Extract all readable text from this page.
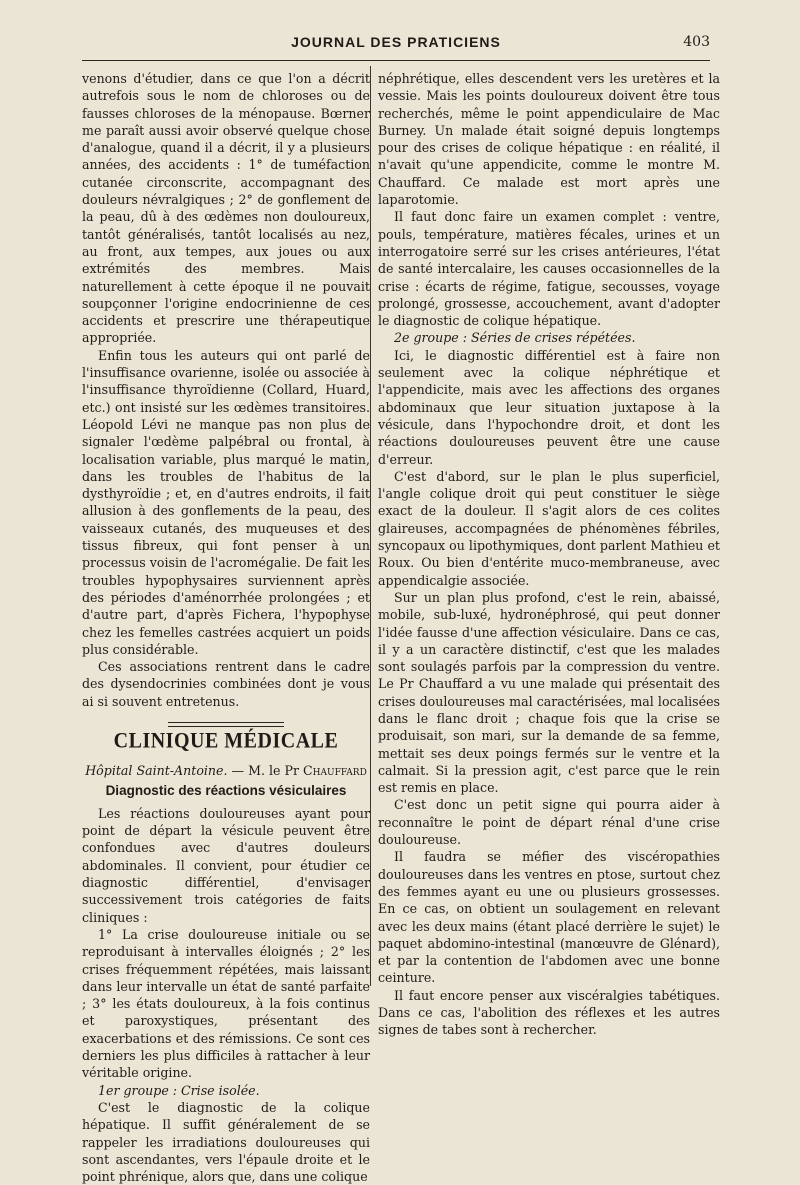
JOURNAL DES PRATICIENS	403

venons d'étudier, dans ce que l'on a décrit autrefois sous le nom de chloroses ou de fausses chloroses de la ménopause. Bœrner me paraît aussi avoir observé quelque chose d'analogue, quand il a décrit, il y a plusieurs années, des accidents : 1° de tuméfaction cutanée circonscrite, accompagnant des douleurs névralgiques ; 2° de gonflement de la peau, dû à des œdèmes non douloureux, tantôt généralisés, tantôt localisés au nez, au front, aux tempes, aux joues ou aux extrémités des membres. Mais naturellement à cette époque il ne pouvait soupçonner l'origine endocrinienne de ces accidents et prescrire une thérapeutique appropriée.

Enfin tous les auteurs qui ont parlé de l'insuffisance ovarienne, isolée ou associée à l'insuffisance thyroïdienne (Collard, Huard, etc.) ont insisté sur les œdèmes transitoires. Léopold Lévi ne manque pas non plus de signaler l'œdème palpébral ou frontal, à localisation variable, plus marqué le matin, dans les troubles de l'habitus de la dysthyroïdie ; et, en d'autres endroits, il fait allusion à des gonflements de la peau, des vaisseaux cutanés, des muqueuses et des tissus fibreux, qui font penser à un processus voisin de l'acromégalie. De fait les troubles hypophysaires surviennent après des périodes d'aménorrhée prolongées ; et d'autre part, d'après Fichera, l'hypophyse chez les femelles castrées acquiert un poids plus considérable.

Ces associations rentrent dans le cadre des dysendocrinies combinées dont je vous ai si souvent entretenus.

CLINIQUE MÉDICALE
Hôpital Saint-Antoine. — M. le Pr Chauffard
Diagnostic des réactions vésiculaires

Les réactions douloureuses ayant pour point de départ la vésicule peuvent être confondues avec d'autres douleurs abdominales. Il convient, pour étudier ce diagnostic différentiel, d'envisager successivement trois catégories de faits cliniques :

1° La crise douloureuse initiale ou se reproduisant à intervalles éloignés ; 2° les crises fréquemment répétées, mais laissant dans leur intervalle un état de santé parfaite ; 3° les états douloureux, à la fois continus et paroxystiques, présentant des exacerbations et des rémissions. Ce sont ces derniers les plus difficiles à rattacher à leur véritable origine.

1er groupe : Crise isolée.

C'est le diagnostic de la colique hépatique. Il suffit généralement de se rappeler les irradiations douloureuses qui sont ascendantes, vers l'épaule droite et le point phrénique, alors que, dans une colique

néphrétique, elles descendent vers les uretères et la vessie. Mais les points douloureux doivent être tous recherchés, même le point appendiculaire de Mac Burney. Un malade était soigné depuis longtemps pour des crises de colique hépatique : en réalité, il n'avait qu'une appendicite, comme le montre M. Chauffard. Ce malade est mort après une laparotomie.

Il faut donc faire un examen complet : ventre, pouls, température, matières fécales, urines et un interrogatoire serré sur les crises antérieures, l'état de santé intercalaire, les causes occasionnelles de la crise : écarts de régime, fatigue, secousses, voyage prolongé, grossesse, accouchement, avant d'adopter le diagnostic de colique hépatique.

2e groupe : Séries de crises répétées.

Ici, le diagnostic différentiel est à faire non seulement avec la colique néphrétique et l'appendicite, mais avec les affections des organes abdominaux que leur situation juxtapose à la vésicule, dans l'hypochondre droit, et dont les réactions douloureuses peuvent être une cause d'erreur.

C'est d'abord, sur le plan le plus superficiel, l'angle colique droit qui peut constituer le siège exact de la douleur. Il s'agit alors de ces colites glaireuses, accompagnées de phénomènes fébriles, syncopaux ou lipothymiques, dont parlent Mathieu et Roux. Ou bien d'entérite muco-membraneuse, avec appendicalgie associée.

Sur un plan plus profond, c'est le rein, abaissé, mobile, sub-luxé, hydronéphrosé, qui peut donner l'idée fausse d'une affection vésiculaire. Dans ce cas, il y a un caractère distinctif, c'est que les malades sont soulagés parfois par la compression du ventre. Le Pr Chauffard a vu une malade qui présentait des crises douloureuses mal caractérisées, mal localisées dans le flanc droit ; chaque fois que la crise se produisait, son mari, sur la demande de sa femme, mettait ses deux poings fermés sur le ventre et la calmait. Si la pression agit, c'est parce que le rein est remis en place.

C'est donc un petit signe qui pourra aider à reconnaître le point de départ rénal d'une crise douloureuse.

Il faudra se méfier des viscéropathies douloureuses dans les ventres en ptose, surtout chez des femmes ayant eu une ou plusieurs grossesses. En ce cas, on obtient un soulagement en relevant avec les deux mains (étant placé derrière le sujet) le paquet abdomino-intestinal (manœuvre de Glénard), et par la contention de l'abdomen avec une bonne ceinture.

Il faut encore penser aux viscéralgies tabétiques. Dans ce cas, l'abolition des réflexes et les autres signes de tabes sont à rechercher.
